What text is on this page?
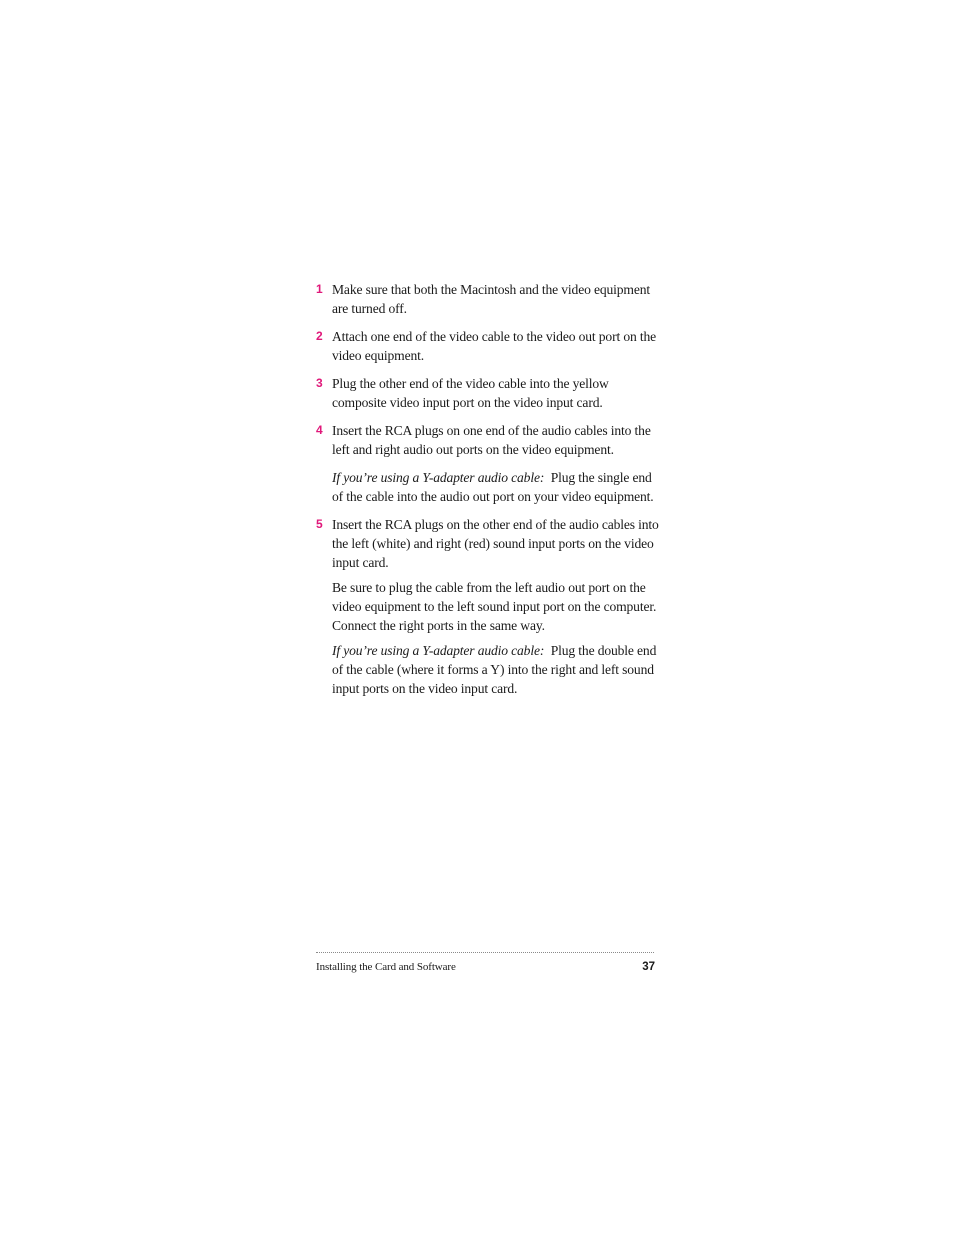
1 Make sure that both the Macintosh and the video equipment are turned off.
2 Attach one end of the video cable to the video out port on the video equipment.
3 Plug the other end of the video cable into the yellow composite video input port on the video input card.
4 Insert the RCA plugs on one end of the audio cables into the left and right audio out ports on the video equipment.
If you’re using a Y-adapter audio cable: Plug the single end of the cable into the audio out port on your video equipment.
5 Insert the RCA plugs on the other end of the audio cables into the left (white) and right (red) sound input ports on the video input card.
Be sure to plug the cable from the left audio out port on the video equipment to the left sound input port on the computer. Connect the right ports in the same way.
If you’re using a Y-adapter audio cable: Plug the double end of the cable (where it forms a Y) into the right and left sound input ports on the video input card.
Installing the Card and Software	37
